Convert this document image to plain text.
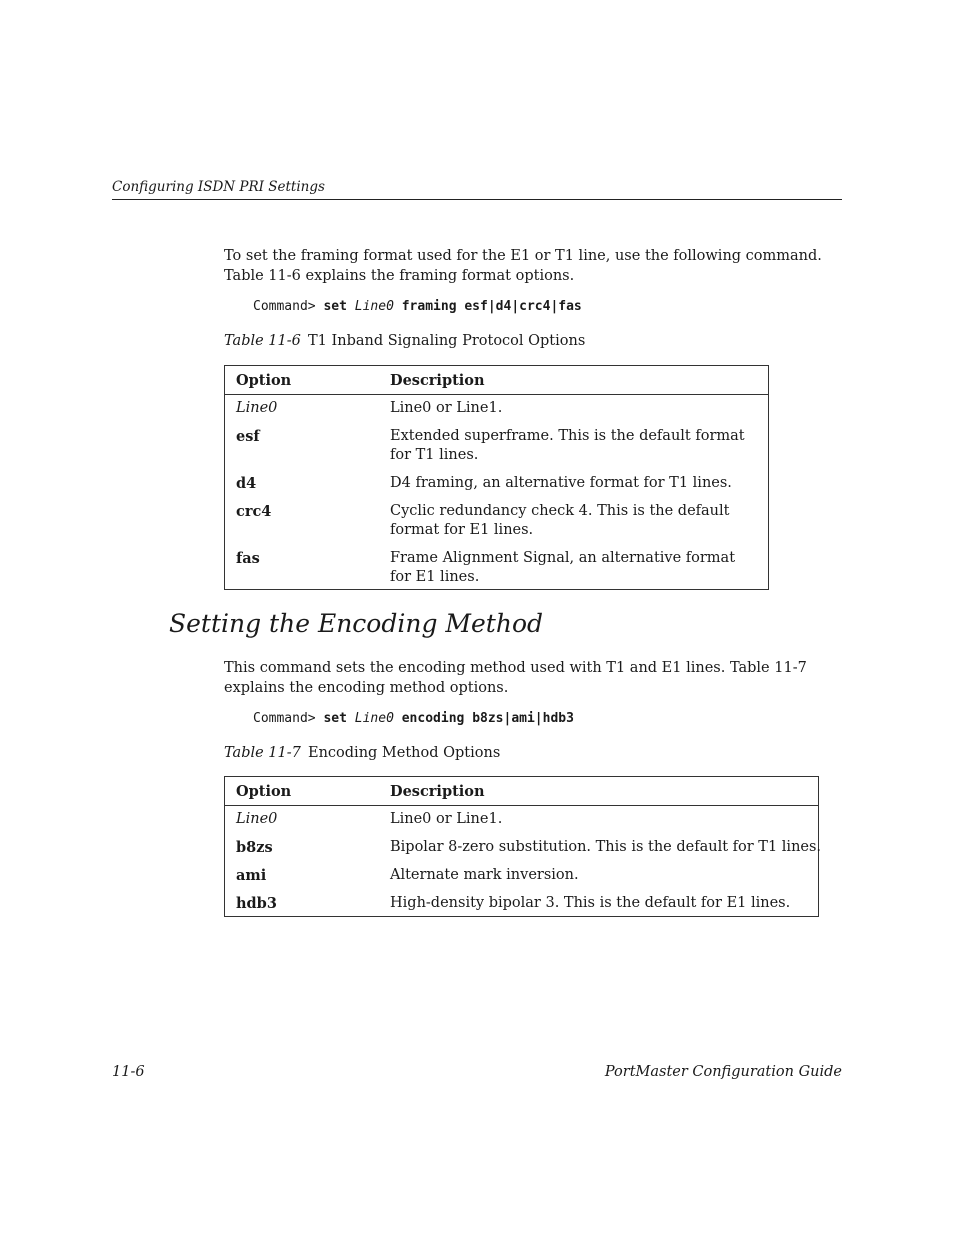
Configuring ISDN PRI Settings
To set the framing format used for the E1 or T1 line, use the following command. Table 11-6 explains the framing format options.
Command> set Line0 framing esf|d4|crc4|fas
Table 11-6 T1 Inband Signaling Protocol Options
Option	Description
Line0	Line0 or Line1.
esf	Extended superframe. This is the default format for T1 lines.
d4	D4 framing, an alternative format for T1 lines.
crc4	Cyclic redundancy check 4. This is the default format for E1 lines.
fas	Frame Alignment Signal, an alternative format for E1 lines.
Setting the Encoding Method
This command sets the encoding method used with T1 and E1 lines. Table 11-7 explains the encoding method options.
Command> set Line0 encoding b8zs|ami|hdb3
Table 11-7 Encoding Method Options
Option	Description
Line0	Line0 or Line1.
b8zs	Bipolar 8-zero substitution. This is the default for T1 lines.
ami	Alternate mark inversion.
hdb3	High-density bipolar 3. This is the default for E1 lines.
11-6	PortMaster Configuration Guide
